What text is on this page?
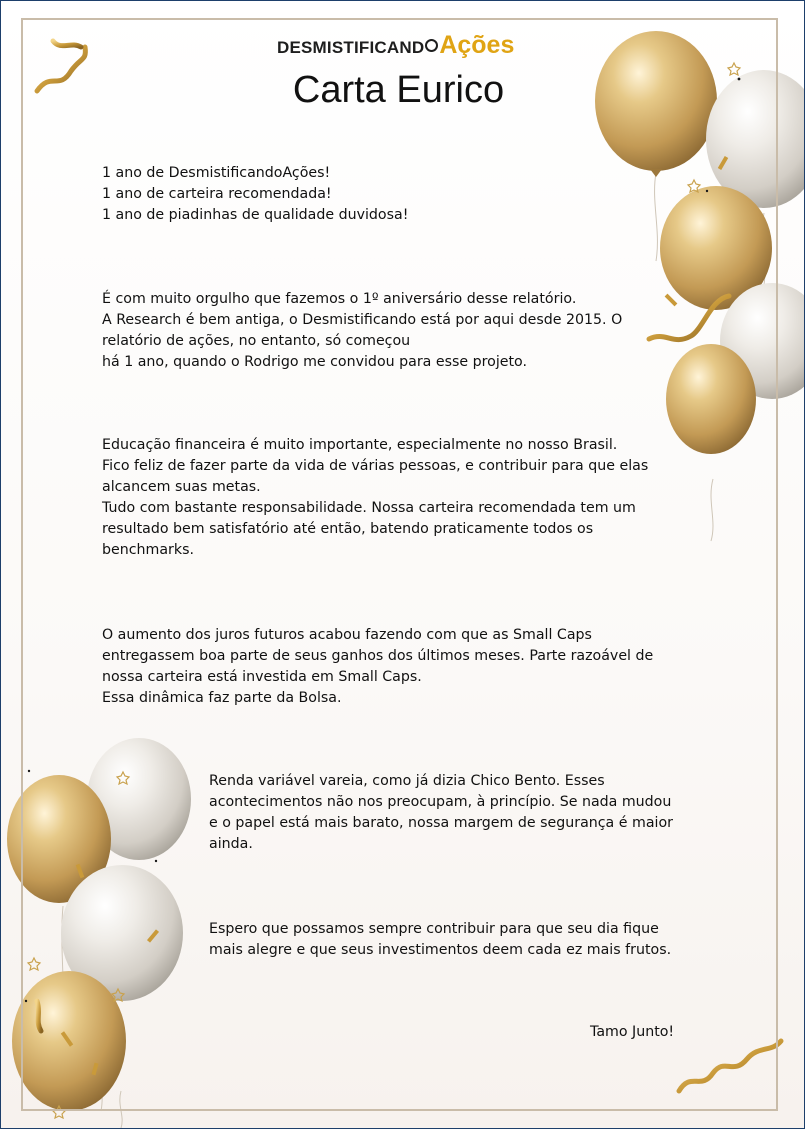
DESMISTIFICAND Ações
Carta Eurico
1 ano de DesmistificandoAções!
1 ano de carteira recomendada!
1 ano de piadinhas de qualidade duvidosa!
É com muito orgulho que fazemos o 1º aniversário desse relatório.
A Research é bem antiga, o Desmistificando está por aqui desde 2015. O
relatório de ações, no entanto, só começou
há 1 ano, quando o Rodrigo me convidou para esse projeto.
Educação financeira é muito importante, especialmente no nosso Brasil.
Fico feliz de fazer parte da vida de várias pessoas, e contribuir para que elas
alcancem suas metas.
Tudo com bastante responsabilidade. Nossa carteira recomendada tem um
resultado bem satisfatório até então, batendo praticamente todos os
benchmarks.
O aumento dos juros futuros acabou fazendo com que as Small Caps
entregassem boa parte de seus ganhos dos últimos meses. Parte razoável de
nossa carteira está investida em Small Caps.
Essa dinâmica faz parte da Bolsa.
Renda variável vareia, como já dizia Chico Bento. Esses
acontecimentos não nos preocupam, à princípio. Se nada mudou
e o papel está mais barato, nossa margem de segurança é maior
ainda.
Espero que possamos sempre contribuir para que seu dia fique
mais alegre e que seus investimentos deem cada ez mais frutos.
Tamo Junto!
